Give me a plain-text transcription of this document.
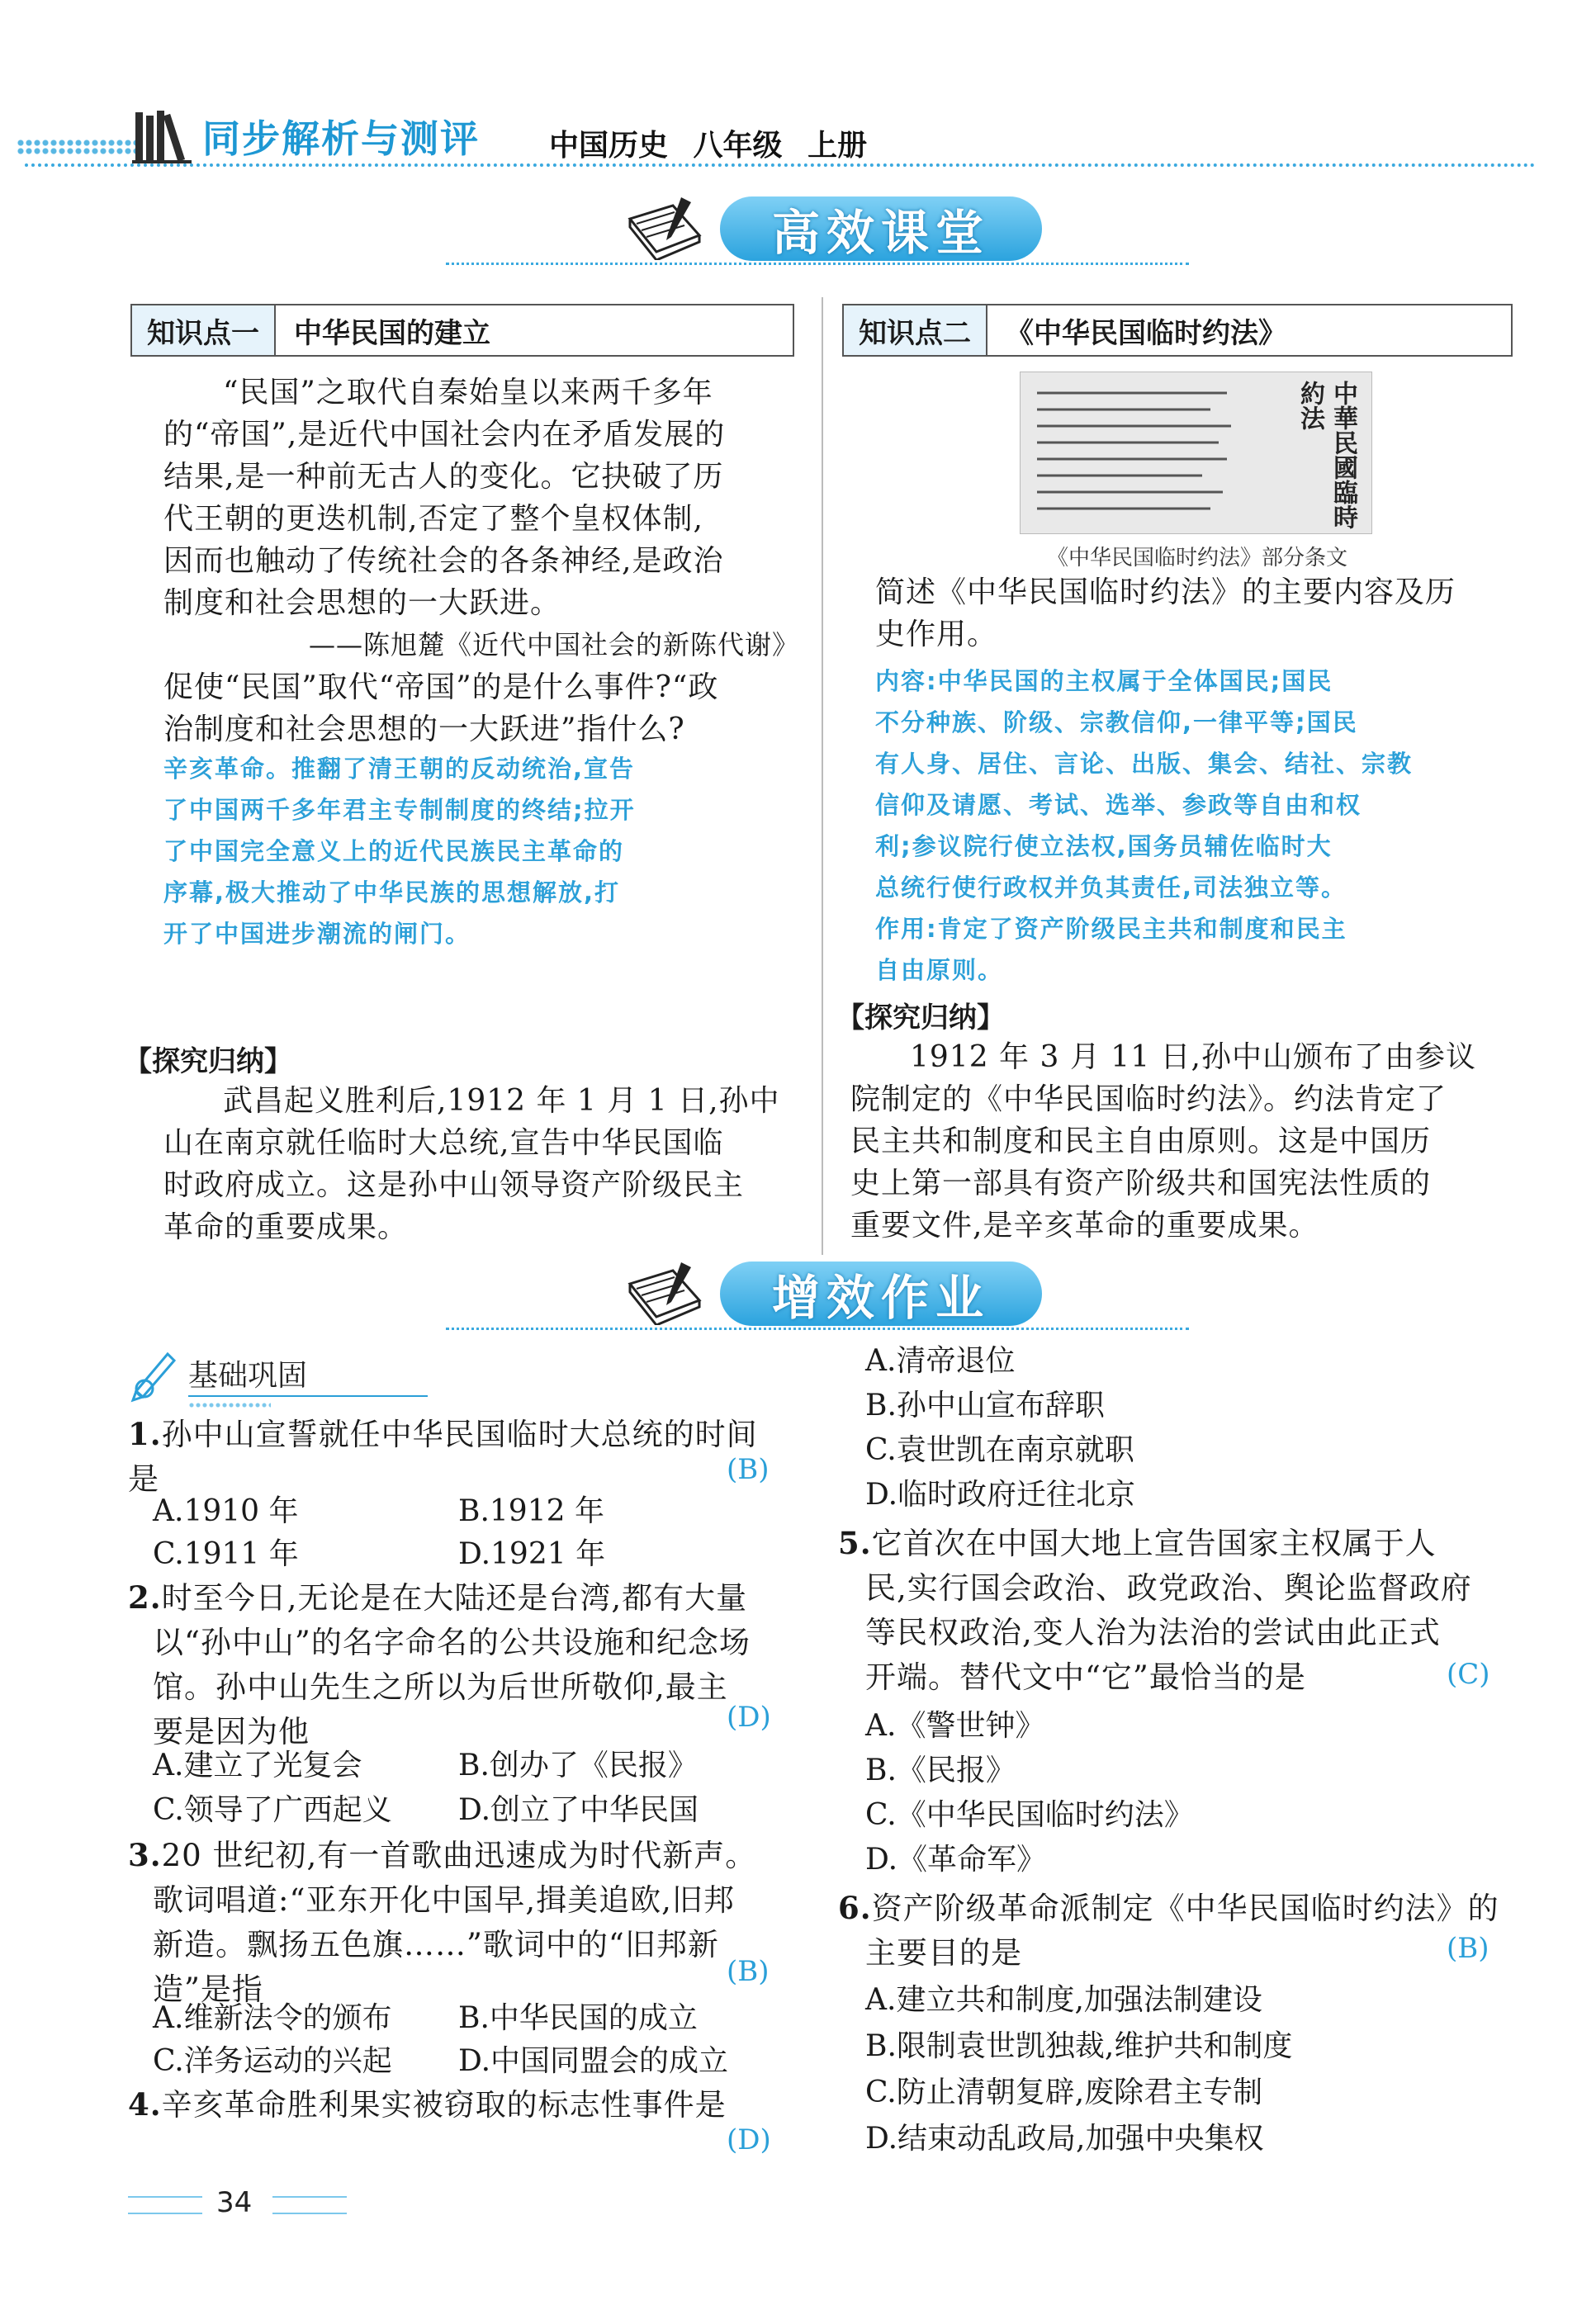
同步解析与测评 中国历史 八年级 上册
高效课堂
知识点一	中华民国的建立
“民国”之取代自秦始皇以来两千多年
的“帝国”,是近代中国社会内在矛盾发展的
结果,是一种前无古人的变化。它抉破了历
代王朝的更迭机制,否定了整个皇权体制,
因而也触动了传统社会的各条神经,是政治
制度和社会思想的一大跃进。
——陈旭麓《近代中国社会的新陈代谢》
促使“民国”取代“帝国”的是什么事件?“政
治制度和社会思想的一大跃进”指什么?
辛亥革命。推翻了清王朝的反动统治,宣告
了中国两千多年君主专制制度的终结;拉开
了中国完全意义上的近代民族民主革命的
序幕,极大推动了中华民族的思想解放,打
开了中国进步潮流的闸门。
【探究归纳】
武昌起义胜利后,1912 年 1 月 1 日,孙中
山在南京就任临时大总统,宣告中华民国临
时政府成立。这是孙中山领导资产阶级民主
革命的重要成果。
知识点二	《中华民国临时约法》
中華民國臨時約法
《中华民国临时约法》部分条文
简述《中华民国临时约法》的主要内容及历
史作用。
内容:中华民国的主权属于全体国民;国民
不分种族、阶级、宗教信仰,一律平等;国民
有人身、居住、言论、出版、集会、结社、宗教
信仰及请愿、考试、选举、参政等自由和权
利;参议院行使立法权,国务员辅佐临时大
总统行使行政权并负其责任,司法独立等。
作用:肯定了资产阶级民主共和制度和民主
自由原则。
【探究归纳】
1912 年 3 月 11 日,孙中山颁布了由参议
院制定的《中华民国临时约法》。约法肯定了
民主共和制度和民主自由原则。这是中国历
史上第一部具有资产阶级共和国宪法性质的
重要文件,是辛亥革命的重要成果。
增效作业
基础巩固
1.孙中山宣誓就任中华民国临时大总统的时间是	(B)
A.1910 年	B.1912 年
C.1911 年	D.1921 年
2.时至今日,无论是在大陆还是台湾,都有大量
以“孙中山”的名字命名的公共设施和纪念场
馆。孙中山先生之所以为后世所敬仰,最主
要是因为他	(D)
A.建立了光复会	B.创办了《民报》
C.领导了广西起义 D.创立了中华民国
3.20 世纪初,有一首歌曲迅速成为时代新声。
歌词唱道:“亚东开化中国早,揖美追欧,旧邦
新造。飘扬五色旗……”歌词中的“旧邦新
造”是指	(B)
A.维新法令的颁布 B.中华民国的成立
C.洋务运动的兴起 D.中国同盟会的成立
4.辛亥革命胜利果实被窃取的标志性事件是
(D)
A.清帝退位
B.孙中山宣布辞职
C.袁世凯在南京就职
D.临时政府迁往北京
5.它首次在中国大地上宣告国家主权属于人
民,实行国会政治、政党政治、舆论监督政府
等民权政治,变人治为法治的尝试由此正式
开端。替代文中“它”最恰当的是	(C)
A.《警世钟》
B.《民报》
C.《中华民国临时约法》
D.《革命军》
6.资产阶级革命派制定《中华民国临时约法》的
主要目的是	(B)
A.建立共和制度,加强法制建设
B.限制袁世凯独裁,维护共和制度
C.防止清朝复辟,废除君主专制
D.结束动乱政局,加强中央集权
34
